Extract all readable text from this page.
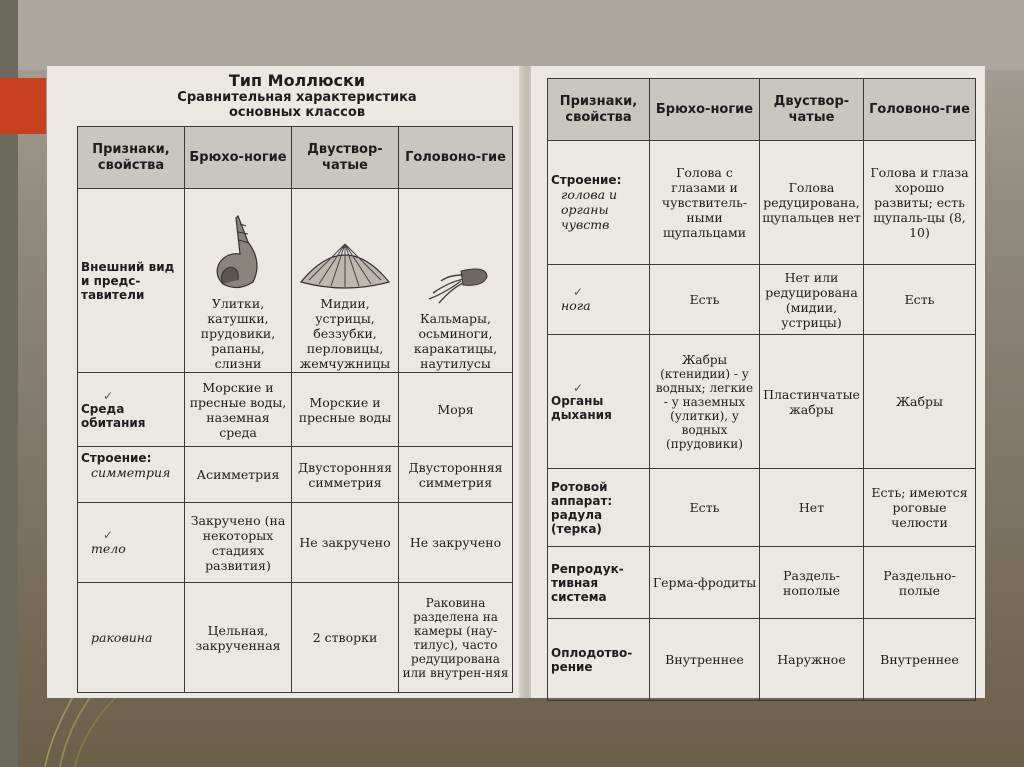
Тип Моллюски
Сравнительная характеристика
основных классов
Признаки, свойства	Брюхо-ногие	Двуствор-чатые	Головоно-гие

Внешний вид и предс-тавители	Улитки, катушки, прудовики, рапаны, слизни	Мидии, устрицы, беззубки, перловицы, жемчужницы	Кальмары, осьминоги, каракатицы, наутилусы

✓
Среда обитания	Морские и пресные воды, наземная среда	Морские и пресные воды	Моря

Строение:
симметрия	Асимметрия	Двусторонняя симметрия	Двусторонняя симметрия

✓
тело	Закручено (на некоторых стадиях развития)	Не закручено	Не закручено

раковина	Цельная, закрученная	2 створки	Раковина разделена на камеры (нау-тилус), часто редуцирована или внутрен-няя
Признаки, свойства	Брюхо-ногие	Двуствор-чатые	Головоно-гие

Строение:
голова и органы чувств	Голова с глазами и чувствитель-ными щупальцами	Голова редуцирована, щупальцев нет	Голова и глаза хорошо развиты; есть щупаль-цы (8, 10)

✓
нога	Есть	Нет или редуцирована (мидии, устрицы)	Есть

✓
Органы дыхания	Жабры (ктенидии) - у водных; легкие - у наземных (улитки), у водных (прудовики)	Пластинчатые жабры	Жабры

Ротовой аппарат: радула (терка)	Есть	Нет	Есть; имеются роговые челюсти

Репродук-тивная система	Герма-фродиты	Раздель-нополые	Раздельно-полые

Оплодотво-рение	Внутреннее	Наружное	Внутреннее
